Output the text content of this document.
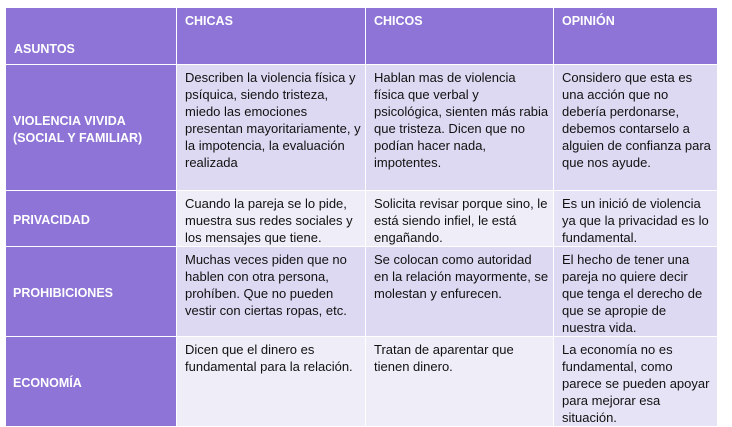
ASUNTOS	CHICAS	CHICOS	OPINIÓN
VIOLENCIA VIVIDA (SOCIAL Y FAMILIAR)	Describen la violencia física y psíquica, siendo tristeza, miedo las emociones presentan mayoritariamente, y la impotencia, la evaluación realizada	Hablan mas de violencia física que verbal y psicológica, sienten más rabia que tristeza. Dicen que no podían hacer nada, impotentes.	Considero que esta es una acción que no debería perdonarse, debemos contarselo a alguien de confianza para que nos ayude.
PRIVACIDAD	Cuando la pareja se lo pide, muestra sus redes sociales y los mensajes que tiene.	Solicita revisar porque sino, le está siendo infiel, le está engañando.	Es un inició de violencia ya que la privacidad es lo fundamental.
PROHIBICIONES	Muchas veces piden que no hablen con otra persona, prohíben. Que no pueden vestir con ciertas ropas, etc.	Se colocan como autoridad en la relación mayormente, se molestan y enfurecen.	El hecho de tener una pareja no quiere decir que tenga el derecho de que se apropie de nuestra vida.
ECONOMÍA	Dicen que el dinero es fundamental para la relación.	Tratan de aparentar que tienen dinero.	La economía no es fundamental, como parece se pueden apoyar para mejorar esa situación.
